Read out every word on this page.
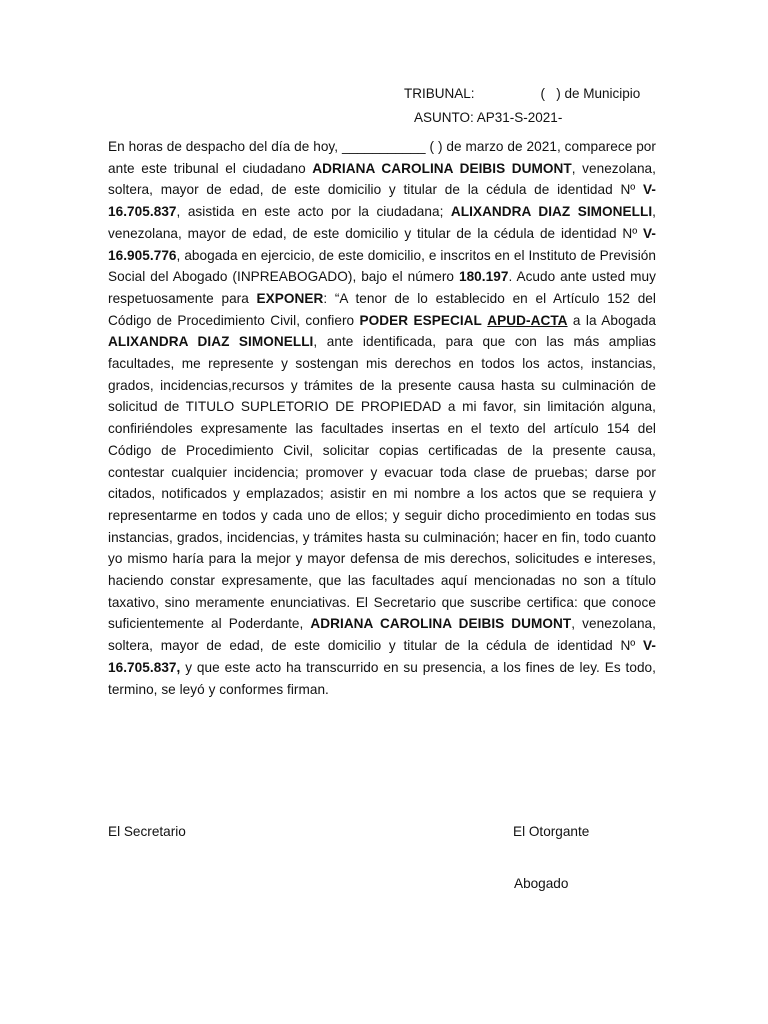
TRIBUNAL:	(   ) de Municipio
ASUNTO: AP31-S-2021-
En horas de despacho del día de hoy, ___________ ( ) de marzo de 2021, comparece por ante este tribunal el ciudadano ADRIANA CAROLINA DEIBIS DUMONT, venezolana, soltera, mayor de edad, de este domicilio y titular de la cédula de identidad Nº V-16.705.837, asistida en este acto por la ciudadana; ALIXANDRA DIAZ SIMONELLI, venezolana, mayor de edad, de este domicilio y titular de la cédula de identidad Nº V-16.905.776, abogada en ejercicio, de este domicilio, e inscritos en el Instituto de Previsión Social del Abogado (INPREABOGADO), bajo el número 180.197. Acudo ante usted muy respetuosamente para EXPONER: “A tenor de lo establecido en el Artículo 152 del Código de Procedimiento Civil, confiero PODER ESPECIAL APUD-ACTA a la Abogada ALIXANDRA DIAZ SIMONELLI, ante identificada, para que con las más amplias facultades, me represente y sostengan mis derechos en todos los actos, instancias, grados, incidencias,recursos y trámites de la presente causa hasta su culminación de solicitud de TITULO SUPLETORIO DE PROPIEDAD a mi favor, sin limitación alguna, confiriéndoles expresamente las facultades insertas en el texto del artículo 154 del Código de Procedimiento Civil, solicitar copias certificadas de la presente causa, contestar cualquier incidencia; promover y evacuar toda clase de pruebas; darse por citados, notificados y emplazados; asistir en mi nombre a los actos que se requiera y representarme en todos y cada uno de ellos; y seguir dicho procedimiento en todas sus instancias, grados, incidencias, y trámites hasta su culminación; hacer en fin, todo cuanto yo mismo haría para la mejor y mayor defensa de mis derechos, solicitudes e intereses, haciendo constar expresamente, que las facultades aquí mencionadas no son a título taxativo, sino meramente enunciativas. El Secretario que suscribe certifica: que conoce suficientemente al Poderdante, ADRIANA CAROLINA DEIBIS DUMONT, venezolana, soltera, mayor de edad, de este domicilio y titular de la cédula de identidad Nº V-16.705.837, y que este acto ha transcurrido en su presencia, a los fines de ley. Es todo, termino, se leyó y conformes firman.
El Secretario	El Otorgante
Abogado
